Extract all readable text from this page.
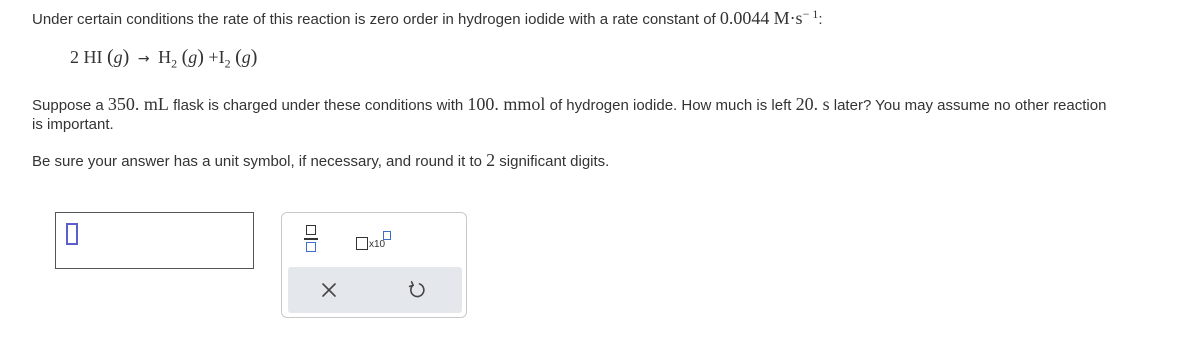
Under certain conditions the rate of this reaction is zero order in hydrogen iodide with a rate constant of 0.0044 $M\cdot s^{- 1}$:
2 HI $(g) \to H_2$ $(g) +I_2$ (g)
Suppose a 350. mL flask is charged under these conditions with 100. mmol of hydrogen iodide. How much is left 20. s later? You may assume no other reaction
is important.
Be sure your answer has a unit symbol, if necessary, and round it to 2 significant digits.
x10
